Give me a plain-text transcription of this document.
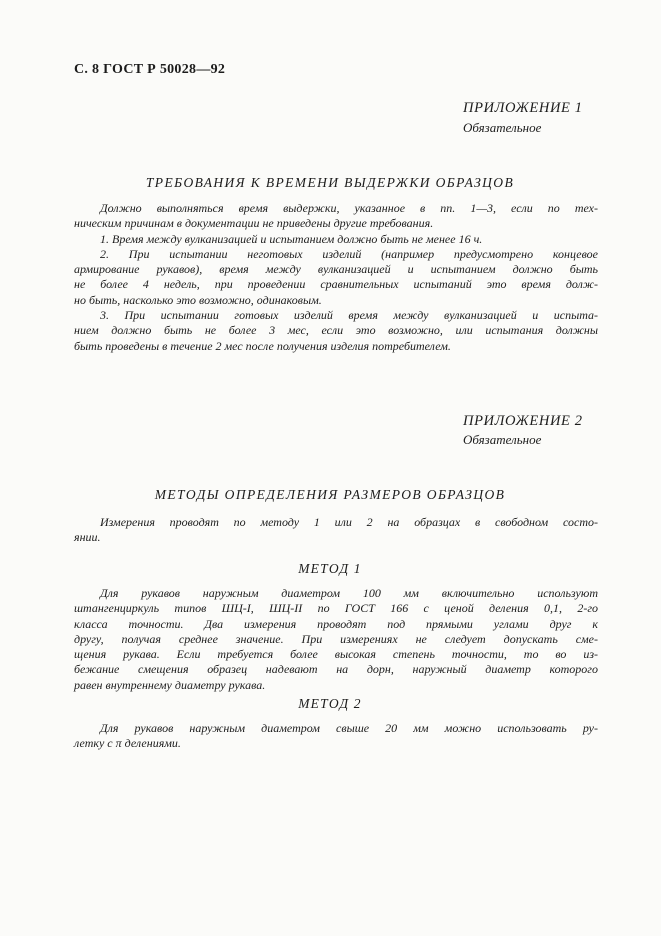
С. 8 ГОСТ Р 50028—92
ПРИЛОЖЕНИЕ 1
Обязательное
ТРЕБОВАНИЯ К ВРЕМЕНИ ВЫДЕРЖКИ ОБРАЗЦОВ
Должно выполняться время выдержки, указанное в пп. 1—3, если по тех-
ническим причинам в документации не приведены другие требования.
1. Время между вулканизацией и испытанием должно быть не менее 16 ч.
2. При испытании неготовых изделий (например предусмотрено концевое
армирование рукавов), время между вулканизацией и испытанием должно быть
не более 4 недель, при проведении сравнительных испытаний это время долж-
но быть, насколько это возможно, одинаковым.
3. При испытании готовых изделий время между вулканизацией и испыта-
нием должно быть не более 3 мес, если это возможно, или испытания должны
быть проведены в течение 2 мес после получения изделия потребителем.
ПРИЛОЖЕНИЕ 2
Обязательное
МЕТОДЫ ОПРЕДЕЛЕНИЯ РАЗМЕРОВ ОБРАЗЦОВ
Измерения проводят по методу 1 или 2 на образцах в свободном состо-
янии.
МЕТОД 1
Для рукавов наружным диаметром 100 мм включительно используют
штангенциркуль типов ШЦ-I, ШЦ-II по ГОСТ 166 с ценой деления 0,1, 2-го
класса точности. Два измерения проводят под прямыми углами друг к
другу, получая среднее значение. При измерениях не следует допускать сме-
щения рукава. Если требуется более высокая степень точности, то во из-
бежание смещения образец надевают на дорн, наружный диаметр которого
равен внутреннему диаметру рукава.
МЕТОД 2
Для рукавов наружным диаметром свыше 20 мм можно использовать ру-
летку с π делениями.
